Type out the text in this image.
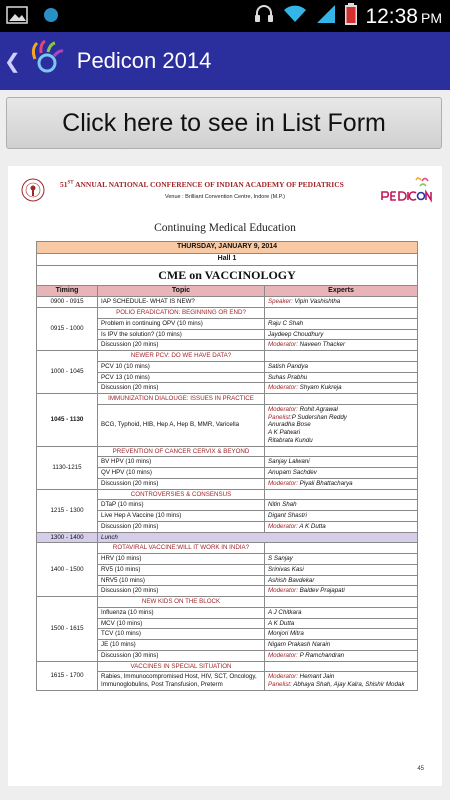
12:38 PM
❮	Pedicon 2014
Click here to see in List Form
51ST ANNUAL NATIONAL CONFERENCE OF INDIAN ACADEMY OF PEDIATRICS
Venue : Brilliant Convention Centre, Indore (M.P.)
Continuing Medical Education
THURSDAY, JANUARY 9, 2014		
Hall 1		
CME on VACCINOLOGY		
Timing	Topic	Experts
0900 - 0915	IAP SCHEDULE- WHAT IS NEW?	Speaker: Vipin Vashishtha
0915 - 1000	POLIO ERADICATION: BEGINNING OR END?	
	Problem in continuing OPV (10 mins)	Raju C Shah
	Is IPV the solution? (10 mins)	Jaydeep Choudhury
	Discussion (20 mins)	Moderator: Naveen Thacker
1000 - 1045	NEWER PCV: DO WE HAVE DATA?	
	PCV 10 (10 mins)	Satish Pandya
	PCV 13 (10 mins)	Suhas Prabhu
	Discussion (20 mins)	Moderator: Shyam Kukreja
1045 - 1130	IMMUNIZATION DIALOUGE: ISSUES IN PRACTICE	
	BCG, Typhoid, HIB, Hep A, Hep B, MMR, Varicella	Moderator: Rohit Agrawal
Panelist:P Sudershan Reddy
Anuradha Bose
A K Patwari
Ritabrata Kundu

1130-1215	PREVENTION OF CANCER CERVIX & BEYOND	
	BV HPV (10 mins)	Sanjay Lalwani
	QV HPV (10 mins)	Anupam Sachdev
	Discussion (20 mins)	Moderator: Piyali Bhattacharya
1215 - 1300	CONTROVERSIES & CONSENSUS	
	DTaP (10 mins)	Nitin Shah
	Live Hep A Vaccine (10 mins)	Digant Shastri
	Discussion (20 mins)	Moderator: A K Dutta
1300 - 1400	Lunch	
1400 - 1500	ROTAVIRAL VACCINE:WILL IT WORK IN INDIA?	
	HRV (10 mins)	S Sanjay
	RV5 (10 mins)	Srinivas Kasi
	NRV5 (10 mins)	Ashish Bavdekar
	Discussion (20 mins)	Moderator: Baldev Prajapati
1500 - 1615	NEW KIDS ON THE BLOCK	
	Influenza (10 mins)	A J Chitkara
	MCV (10 mins)	A K Dutta
	TCV (10 mins)	Monjori Mitra
	JE (10 mins)	Nigam Prakash Narain
	Discussion (30 mins)	Moderator: P Ramchandran
1615 - 1700	VACCINES IN SPECIAL SITUATION	
	Rabies, Immunocompromised Host, HIV, SCT, Oncology, Immunoglobulins, Post Transfusion, Preterm	Moderator: Hemant Jain
Panelist: Abhaya Shah, Ajay Kalra, Shishir Modak
45
